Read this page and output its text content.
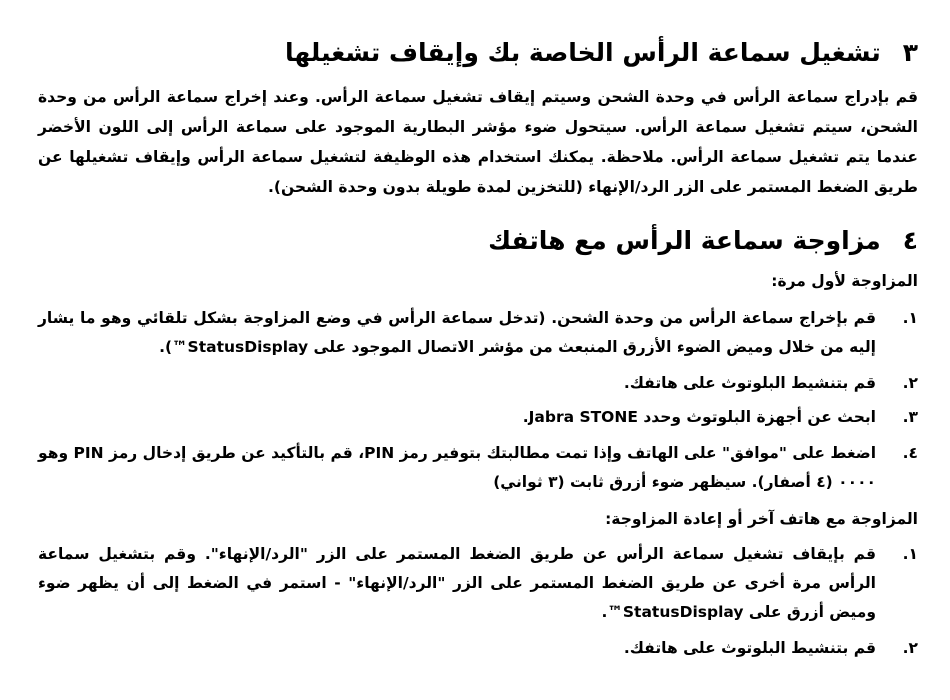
٣تشغيل سماعة الرأس الخاصة بك وإيقاف تشغيلها

قم بإدراج سماعة الرأس في وحدة الشحن وسيتم إيقاف تشغيل سماعة الرأس. وعند إخراج سماعة الرأس من وحدة الشحن، سيتم تشغيل سماعة الرأس. سيتحول ضوء مؤشر البطارية الموجود على سماعة الرأس إلى اللون الأخضر عندما يتم تشغيل سماعة الرأس. ملاحظة. يمكنك استخدام هذه الوظيفة لتشغيل سماعة الرأس وإيقاف تشغيلها عن طريق الضغط المستمر على الزر الرد/الإنهاء (للتخزين لمدة طويلة بدون وحدة الشحن).

٤مزاوجة سماعة الرأس مع هاتفك
المزاوجة لأول مرة:
١.
قم بإخراج سماعة الرأس من وحدة الشحن. (تدخل سماعة الرأس في وضع المزاوجة بشكل تلقائي وهو ما يشار إليه من خلال وميض الضوء الأزرق المنبعث من مؤشر الاتصال الموجود على StatusDisplay™).
٢.
قم بتنشيط البلوتوث على هاتفك.
٣.
ابحث عن أجهزة البلوتوث وحدد Jabra STONE.
٤.
اضغط على "موافق" على الهاتف وإذا تمت مطالبتك بتوفير رمز PIN، قم بالتأكيد عن طريق إدخال رمز PIN وهو ٠٠٠٠ (٤ أصفار). سيظهر ضوء أزرق ثابت (٣ ثواني)
المزاوجة مع هاتف آخر أو إعادة المزاوجة:
١.
قم بإيقاف تشغيل سماعة الرأس عن طريق الضغط المستمر على الزر "الرد/الإنهاء". وقم بتشغيل سماعة الرأس مرة أخرى عن طريق الضغط المستمر على الزر "الرد/الإنهاء" - استمر في الضغط إلى أن يظهر ضوء وميض أزرق على StatusDisplay™.
٢.
قم بتنشيط البلوتوث على هاتفك.
